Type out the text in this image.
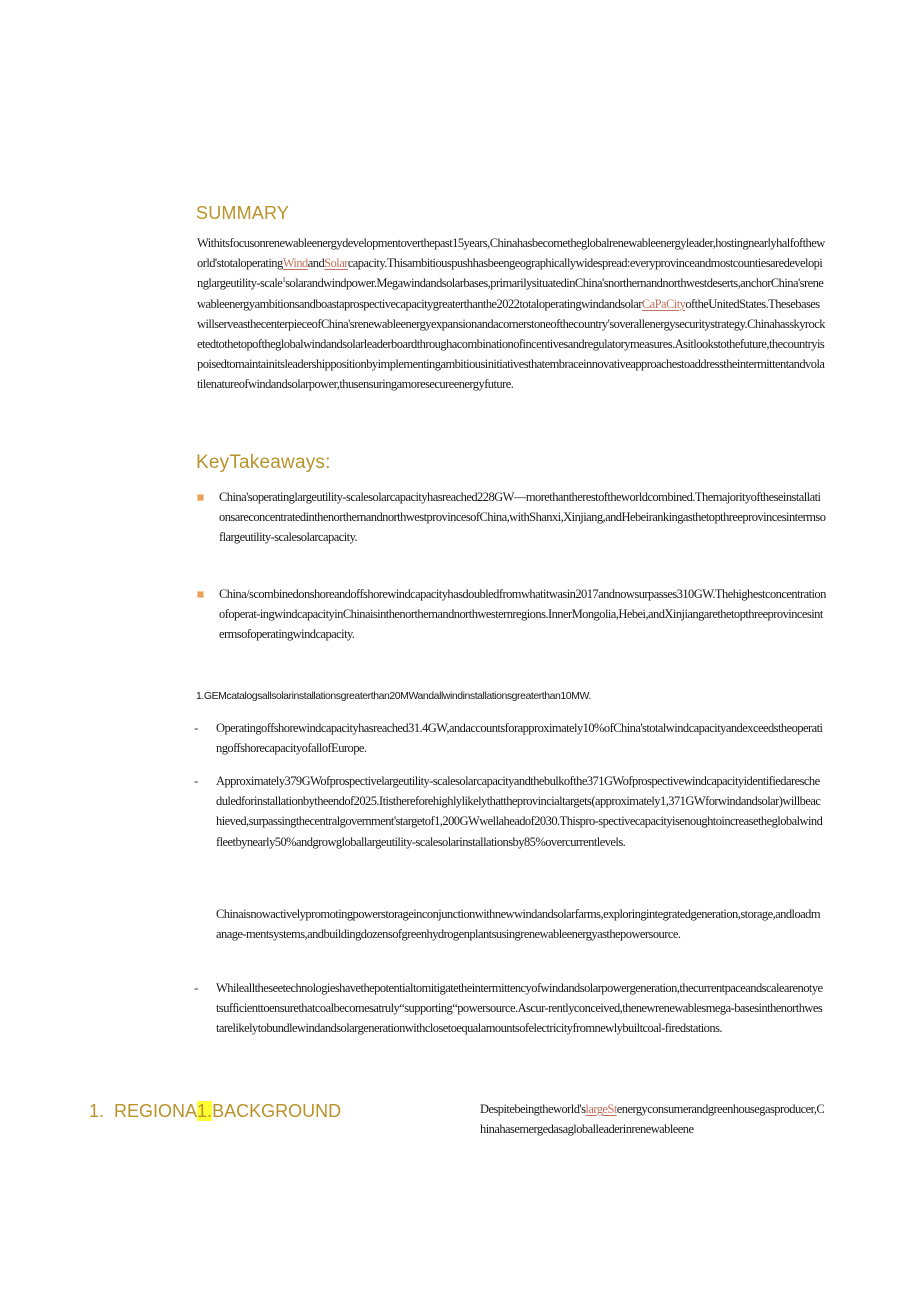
SUMMARY
Withitsfocusonrenewableenergydevelopmentoverthepast15years,Chinahasbecometheglobalrenewableenergyleader,hostingnearlyhalfoftheworld'stotaloperatingWindandSolarcapacity.Thisambitiouspushhasbeengeographicallywidespread:everyprovinceandmostcountiesaredevelopinglargeutility-scale$^1$solarandwindpower.Megawindandsolarbases,primarilysituatedinChina'snorthernandnorthwestdeserts,anchorChina'srenewableenergyambitionsandboastaprospectivecapacitygreaterthanthe2022totaloperatingwindandsolarCaPaCityoftheUnitedStates.ThesebaseswillserveasthecenterpieceofChina'srenewableenergyexpansionandacornerstoneofthecountry'soverallenergysecuritystrategy.Chinahasskyrocketedtothetopoftheglobalwindandsolarleaderboardthroughacombinationofincentivesandregulatorymeasures.Asitlookstothefuture,thecountryispoisedtomaintainitsleadershippositionbyimplementingambitiousinitiativesthatembraceinnovativeapproachestoaddresstheintermittentandvolatilenatureofwindandsolarpower,thusensuringamoresecureenergyfuture.
KeyTakeaways:
China'soperatinglargeutility-scalesolarcapacityhasreached228GW—morethantherestoftheworldcombined.ThemajorityoftheseinstallationsareconcentratedinthenorthernandnorthwestprovincesofChina,withShanxi,Xinjiang,andHebeirankingasthetopthreeprovincesintermsoflargeutility-scalesolarcapacity.
China/scombinedonshoreandoffshorewindcapacityhasdoubledfromwhatitwasin2017andnowsurpasses310GW.Thehighestconcentrationofoperat-ingwindcapacityinChinaisinthenorthernandnorthwesternregions.InnerMongolia,Hebei,andXinjiangarethetopthreeprovincesintermsofoperatingwindcapacity.
1.GEMcatalogsallsolarinstallationsgreaterthan20MWandallwindinstallationsgreaterthan10MW.
- Operatingoffshorewindcapacityhasreached31.4GW,andaccountsforapproximately10%ofChina'stotalwindcapacityandexceedstheoperatingoffshorecapacityofallofEurope.
- Approximately379GWofprospectivelargeutility-scalesolarcapacityandthebulkofthe371GWofprospectivewindcapacityidentifiedarescheduledforinstallationbytheendof2025.Itisthereforehighlylikelythattheprovincialtargets(approximately1,371GWforwindandsolar)willbeachieved,surpassingthecentralgovernment'stargetof1,200GWwellaheadof2030.Thispro-spectivecapacityisenoughtoincreasetheglobalwindfleetbynearly50%andgrowgloballargeutility-scalesolarinstallationsby85%overcurrentlevels.
Chinaisnowactivelypromotingpowerstorageinconjunctionwithnewwindandsolarfarms,exploringintegratedgeneration,storage,andloadmanage-mentsystems,andbuildingdozensofgreenhydrogenplantsusingrenewableenergyasthepowersource.
- Whilealltheseetechnologieshavethepotentialtomitigatetheintermittencyofwindandsolarpowergeneration,thecurrentpaceandscalearenotyetsufficienttoensurethatcoalbecomesatruly“supporting“powersource.Ascur-rentlyconceived,thenewrenewablesmega-basesinthenorthwestarelikelytobundlewindandsolargenerationwithclosetoequalamountsofelectricityfromnewlybuiltcoal-firedstations.
1. REGIONA1.BACKGROUND	Despitebeingtheworld'slargeStenergyconsumerandgreenhousegasproducer,Chinahasemergedasagloballeaderinrenewableene
